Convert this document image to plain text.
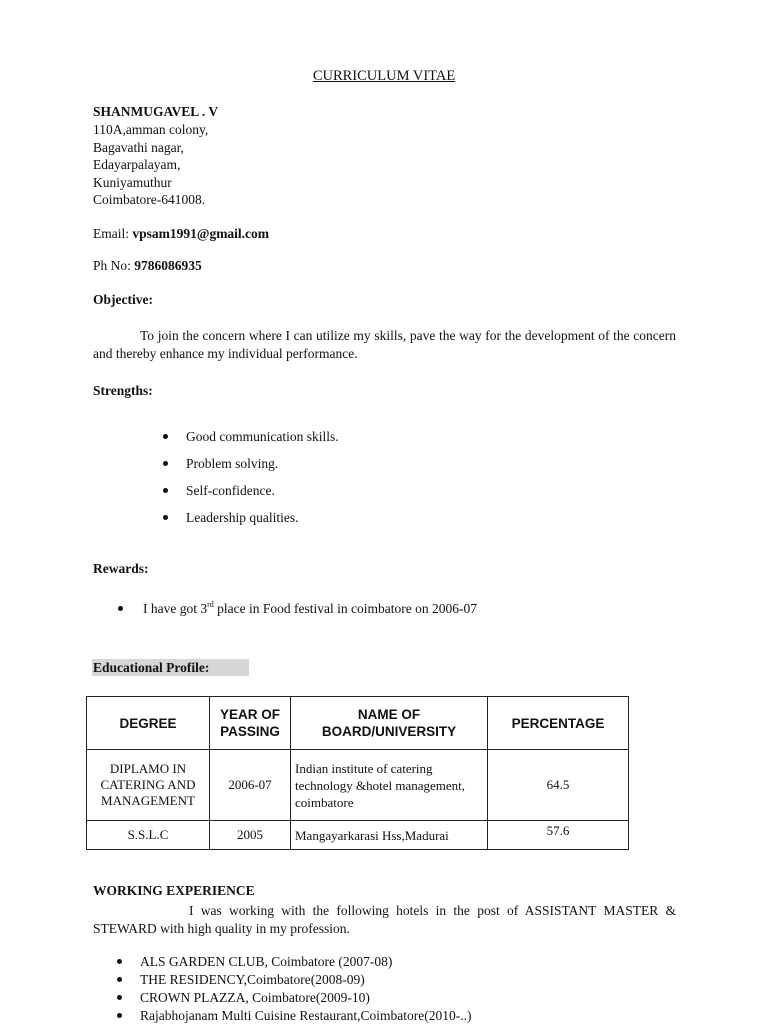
CURRICULUM VITAE
SHANMUGAVEL . V
110A,amman colony,
Bagavathi nagar,
Edayarpalayam,
Kuniyamuthur
Coimbatore-641008.
Email: vpsam1991@gmail.com
Ph No: 9786086935
Objective:
To join the concern where I can utilize my skills, pave the way for the development of the concern and thereby enhance my individual performance.
Strengths:
Good communication skills.
Problem solving.
Self-confidence.
Leadership qualities.
Rewards:
I have got 3rd place in Food festival in coimbatore on 2006-07
Educational Profile:
DEGREE	YEAR OF PASSING	NAME OF BOARD/UNIVERSITY	PERCENTAGE
DIPLAMO IN CATERING AND MANAGEMENT	2006-07	Indian institute of catering technology &hotel management, coimbatore	64.5
S.S.L.C	2005	Mangayarkarasi Hss,Madurai	57.6
WORKING EXPERIENCE
I was working with the following hotels in the post of ASSISTANT MASTER & STEWARD with high quality in my profession.
ALS GARDEN CLUB, Coimbatore (2007-08)
THE RESIDENCY,Coimbatore(2008-09)
CROWN PLAZZA, Coimbatore(2009-10)
Rajabhojanam Multi Cuisine Restaurant,Coimbatore(2010-..)
